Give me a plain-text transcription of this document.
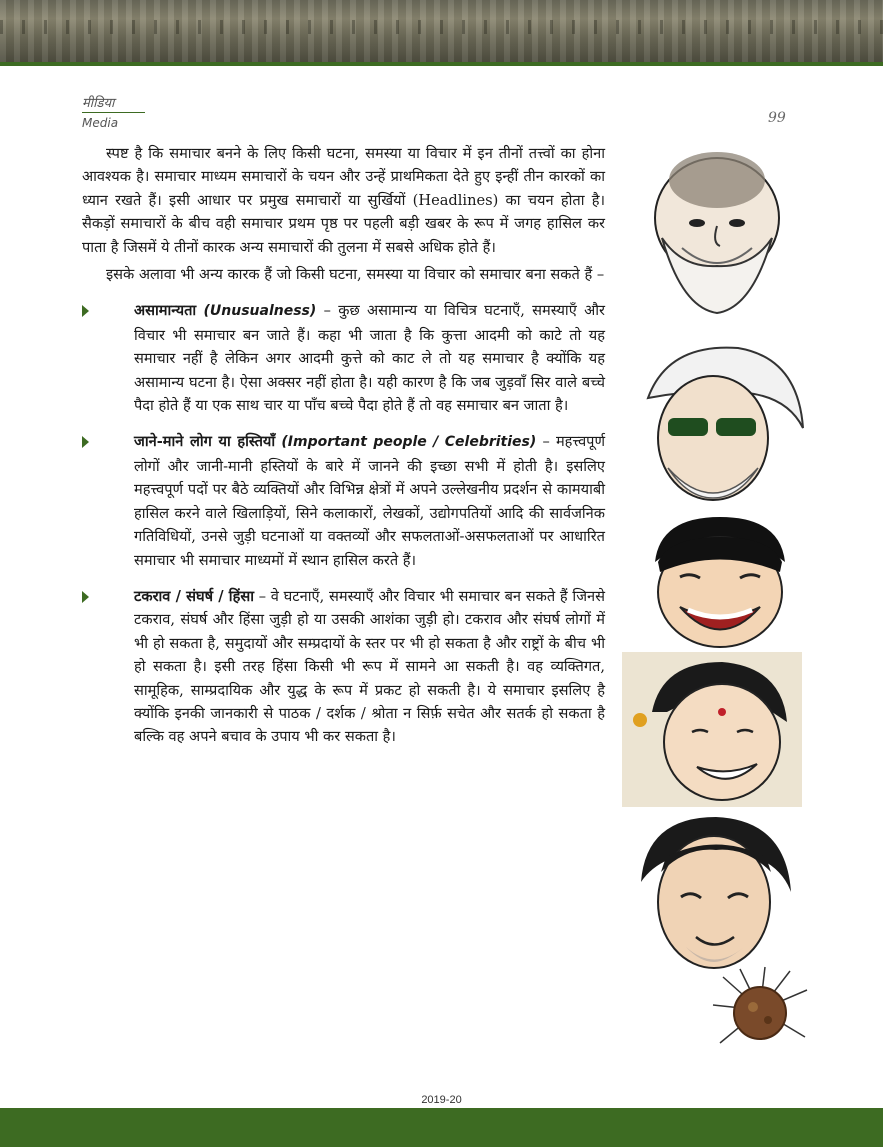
मीडिया
Media	99

स्पष्ट है कि समाचार बनने के लिए किसी घटना, समस्या या विचार में इन तीनों तत्त्वों का होना आवश्यक है। समाचार माध्यम समाचारों के चयन और उन्हें प्राथमिकता देते हुए इन्हीं तीन कारकों का ध्यान रखते हैं। इसी आधार पर प्रमुख समाचारों या सुर्खियों (Headlines) का चयन होता है। सैकड़ों समाचारों के बीच वही समाचार प्रथम पृष्ठ पर पहली बड़ी खबर के रूप में जगह हासिल कर पाता है जिसमें ये तीनों कारक अन्य समाचारों की तुलना में सबसे अधिक होते हैं।

इसके अलावा भी अन्य कारक हैं जो किसी घटना, समस्या या विचार को समाचार बना सकते हैं –

असामान्यता (Unusualness) – कुछ असामान्य या विचित्र घटनाएँ, समस्याएँ और विचार भी समाचार बन जाते हैं। कहा भी जाता है कि कुत्ता आदमी को काटे तो यह समाचार नहीं है लेकिन अगर आदमी कुत्ते को काट ले तो यह समाचार है क्योंकि यह असामान्य घटना है। ऐसा अक्सर नहीं होता है। यही कारण है कि जब जुड़वाँ सिर वाले बच्चे पैदा होते हैं या एक साथ चार या पाँच बच्चे पैदा होते हैं तो वह समाचार बन जाता है।
जाने-माने लोग या हस्तियाँ (Important people / Celebrities) – महत्त्वपूर्ण लोगों और जानी-मानी हस्तियों के बारे में जानने की इच्छा सभी में होती है। इसलिए महत्त्वपूर्ण पदों पर बैठे व्यक्तियों और विभिन्न क्षेत्रों में अपने उल्लेखनीय प्रदर्शन से कामयाबी हासिल करने वाले खिलाड़ियों, सिने कलाकारों, लेखकों, उद्योगपतियों आदि की सार्वजनिक गतिविधियों, उनसे जुड़ी घटनाओं या वक्तव्यों और सफलताओं-असफलताओं पर आधारित समाचार भी समाचार माध्यमों में स्थान हासिल करते हैं।
टकराव / संघर्ष / हिंसा – वे घटनाएँ, समस्याएँ और विचार भी समाचार बन सकते हैं जिनसे टकराव, संघर्ष और हिंसा जुड़ी हो या उसकी आशंका जुड़ी हो। टकराव और संघर्ष लोगों में भी हो सकता है, समुदायों और सम्प्रदायों के स्तर पर भी हो सकता है और राष्ट्रों के बीच भी हो सकता है। इसी तरह हिंसा किसी भी रूप में सामने आ सकती है। वह व्यक्तिगत, सामूहिक, साम्प्रदायिक और युद्ध के रूप में प्रकट हो सकती है। ये समाचार इसलिए है क्योंकि इनकी जानकारी से पाठक / दर्शक / श्रोता न सिर्फ़ सचेत और सतर्क हो सकता है बल्कि वह अपने बचाव के उपाय भी कर सकता है।
2019-20
